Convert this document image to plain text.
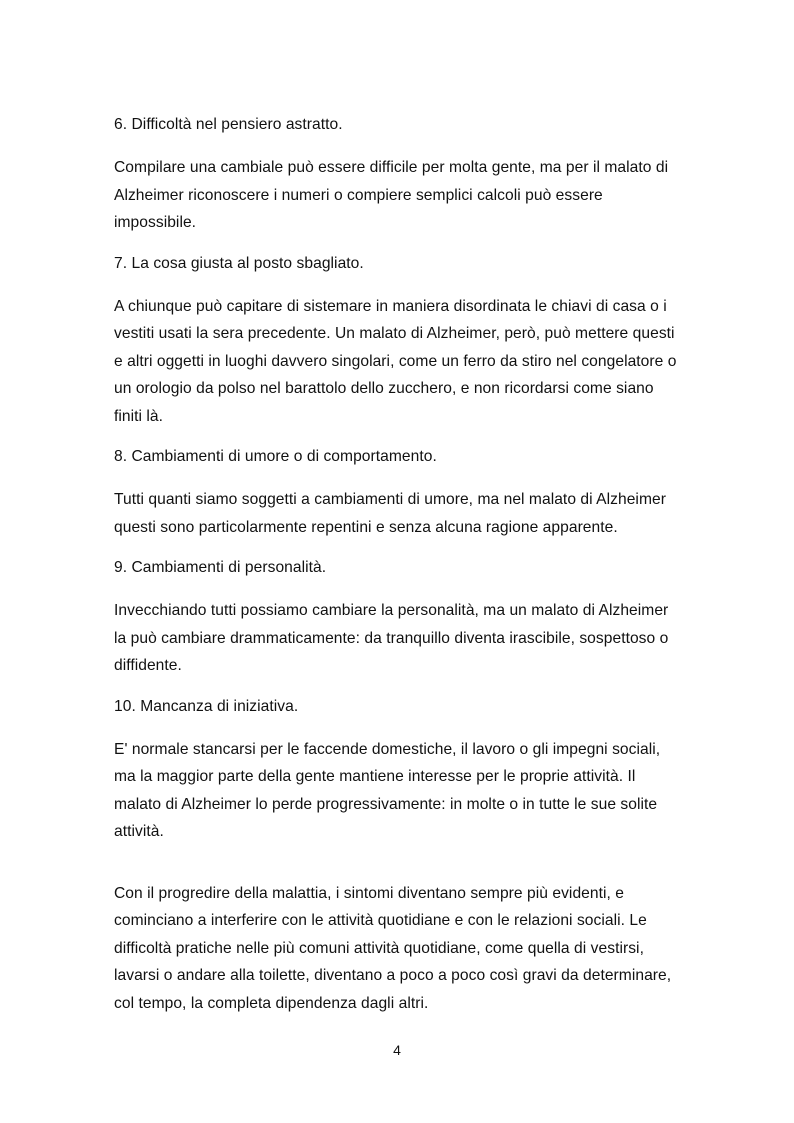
6. Difficoltà nel pensiero astratto.

Compilare una cambiale può essere difficile per molta gente, ma per il malato di Alzheimer riconoscere i numeri o compiere semplici calcoli può essere impossibile.

7. La cosa giusta al posto sbagliato.

A chiunque può capitare di sistemare in maniera disordinata le chiavi di casa o i vestiti usati la sera precedente. Un malato di Alzheimer, però, può mettere questi e altri oggetti in luoghi davvero singolari, come un ferro da stiro nel congelatore o un orologio da polso nel barattolo dello zucchero, e non ricordarsi come siano finiti là.

8. Cambiamenti di umore o di comportamento.

Tutti quanti siamo soggetti a cambiamenti di umore, ma nel malato di Alzheimer questi sono particolarmente repentini e senza alcuna ragione apparente.

9. Cambiamenti di personalità.

Invecchiando tutti possiamo cambiare la personalità, ma un malato di Alzheimer la può cambiare drammaticamente: da tranquillo diventa irascibile, sospettoso o diffidente.

10. Mancanza di iniziativa.

E' normale stancarsi per le faccende domestiche, il lavoro o gli impegni sociali, ma la maggior parte della gente mantiene interesse per le proprie attività. Il malato di Alzheimer lo perde progressivamente: in molte o in tutte le sue solite attività.

Con il progredire della malattia, i sintomi diventano sempre più evidenti, e cominciano a interferire con le attività quotidiane e con le relazioni sociali. Le difficoltà pratiche nelle più comuni attività quotidiane, come quella di vestirsi, lavarsi o andare alla toilette, diventano a poco a poco così gravi da determinare, col tempo, la completa dipendenza dagli altri.

4
